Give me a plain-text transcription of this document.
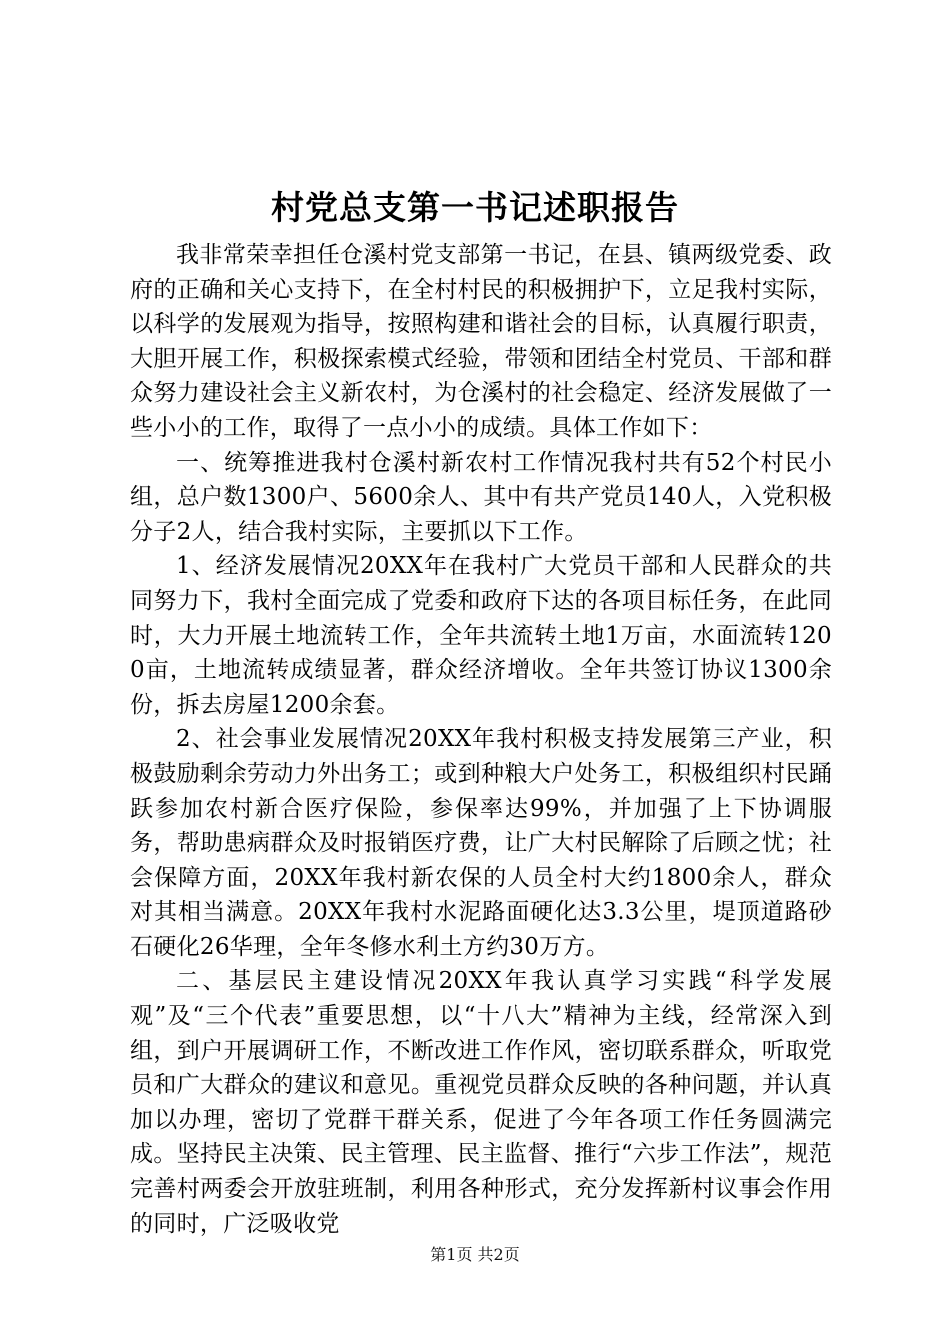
村党总支第一书记述职报告

我非常荣幸担任仓溪村党支部第一书记，在县、镇两级党委、政府的正确和关心支持下，在全村村民的积极拥护下，立足我村实际，以科学的发展观为指导，按照构建和谐社会的目标，认真履行职责，大胆开展工作，积极探索模式经验，带领和团结全村党员、干部和群众努力建设社会主义新农村，为仓溪村的社会稳定、经济发展做了一些小小的工作，取得了一点小小的成绩。具体工作如下：

一、统筹推进我村仓溪村新农村工作情况我村共有52个村民小组，总户数1300户、5600余人、其中有共产党员140人，入党积极分子2人，结合我村实际，主要抓以下工作。

1、经济发展情况20XX年在我村广大党员干部和人民群众的共同努力下，我村全面完成了党委和政府下达的各项目标任务，在此同时，大力开展土地流转工作，全年共流转土地1万亩，水面流转1200亩，土地流转成绩显著，群众经济增收。全年共签订协议1300余份，拆去房屋1200余套。

2、社会事业发展情况20XX年我村积极支持发展第三产业，积极鼓励剩余劳动力外出务工；或到种粮大户处务工，积极组织村民踊跃参加农村新合医疗保险，参保率达99%，并加强了上下协调服务，帮助患病群众及时报销医疗费，让广大村民解除了后顾之忧；社会保障方面，20XX年我村新农保的人员全村大约1800余人，群众对其相当满意。20XX年我村水泥路面硬化达3.3公里，堤顶道路砂石硬化26华理，全年冬修水利土方约30万方。

二、基层民主建设情况20XX年我认真学习实践“科学发展观”及“三个代表”重要思想，以“十八大”精神为主线，经常深入到组，到户开展调研工作，不断改进工作作风，密切联系群众，听取党员和广大群众的建议和意见。重视党员群众反映的各种问题，并认真加以办理，密切了党群干群关系，促进了今年各项工作任务圆满完成。坚持民主决策、民主管理、民主监督、推行“六步工作法”，规范完善村两委会开放驻班制，利用各种形式，充分发挥新村议事会作用的同时，广泛吸收党

第1页 共2页
